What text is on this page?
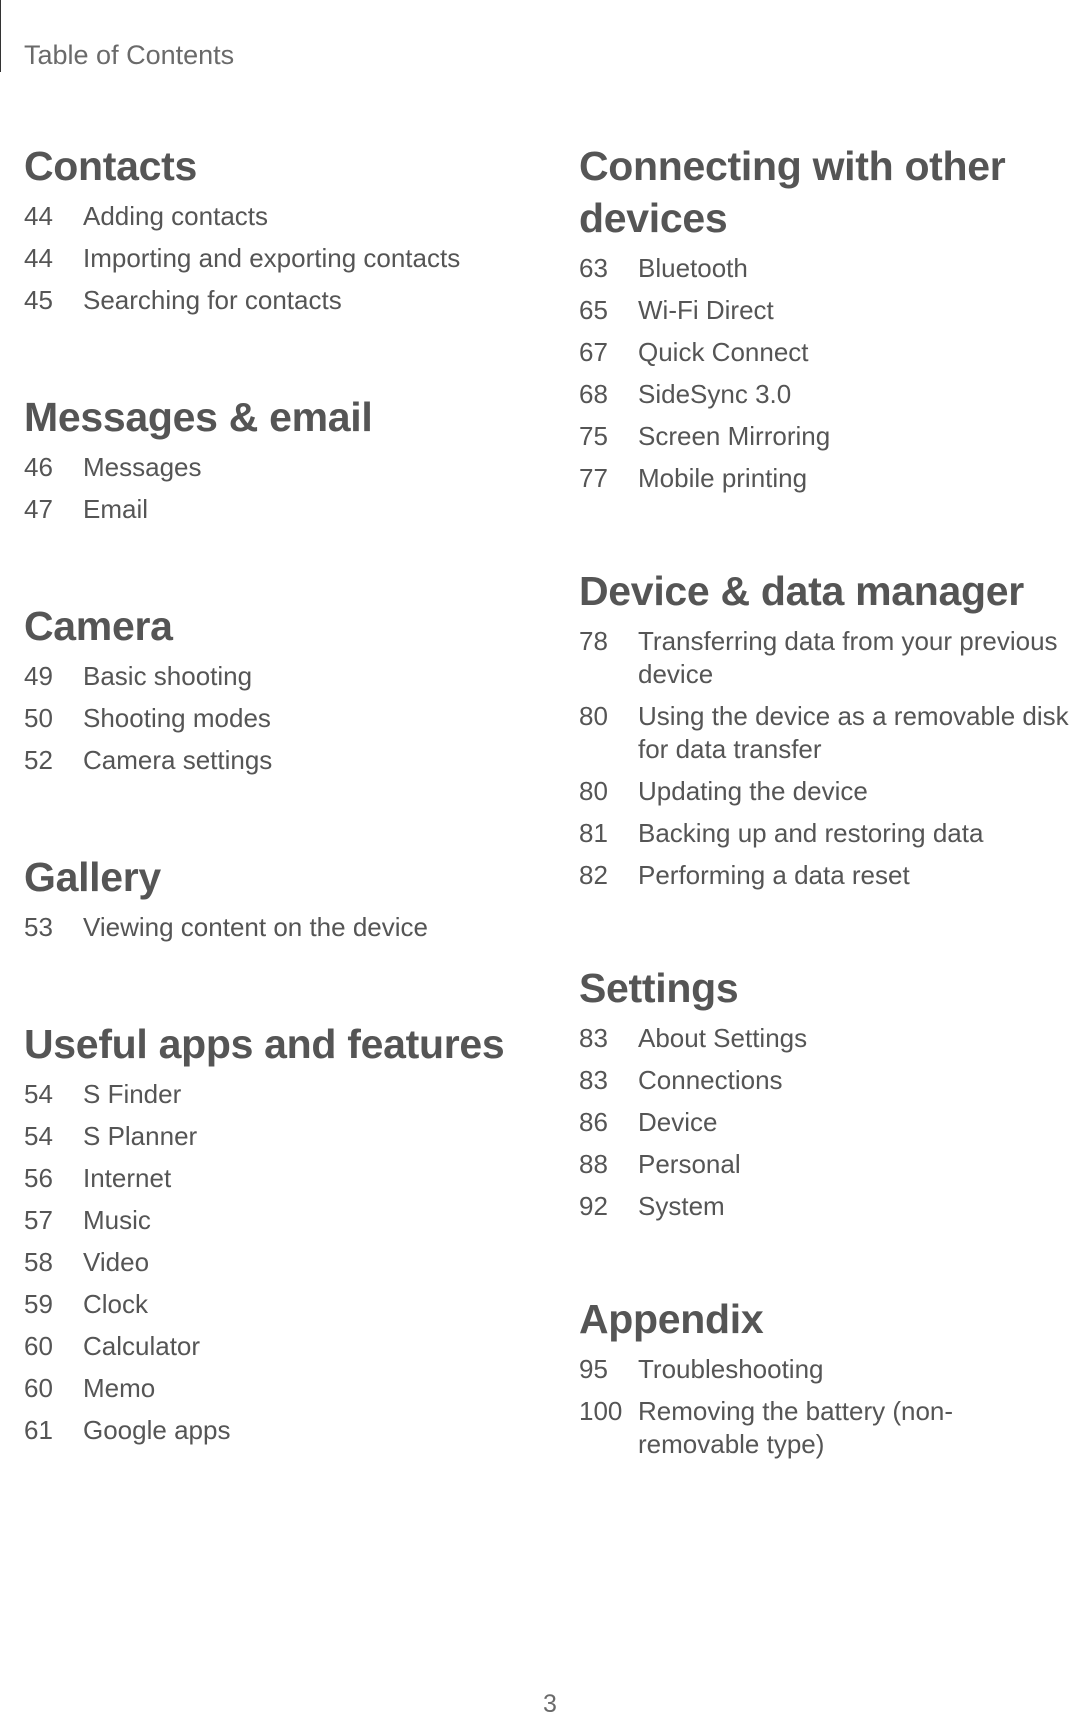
Table of Contents
Contacts
44	Adding contacts
44	Importing and exporting contacts
45	Searching for contacts
Messages & email
46	Messages
47	Email
Camera
49	Basic shooting
50	Shooting modes
52	Camera settings
Gallery
53	Viewing content on the device
Useful apps and features
54	S Finder
54	S Planner
56	Internet
57	Music
58	Video
59	Clock
60	Calculator
60	Memo
61	Google apps
Connecting with other devices
63	Bluetooth
65	Wi-Fi Direct
67	Quick Connect
68	SideSync 3.0
75	Screen Mirroring
77	Mobile printing
Device & data manager
78	Transferring data from your previous device
80	Using the device as a removable disk for data transfer
80	Updating the device
81	Backing up and restoring data
82	Performing a data reset
Settings
83	About Settings
83	Connections
86	Device
88	Personal
92	System
Appendix
95	Troubleshooting
100 Removing the battery (non-removable type)
3
